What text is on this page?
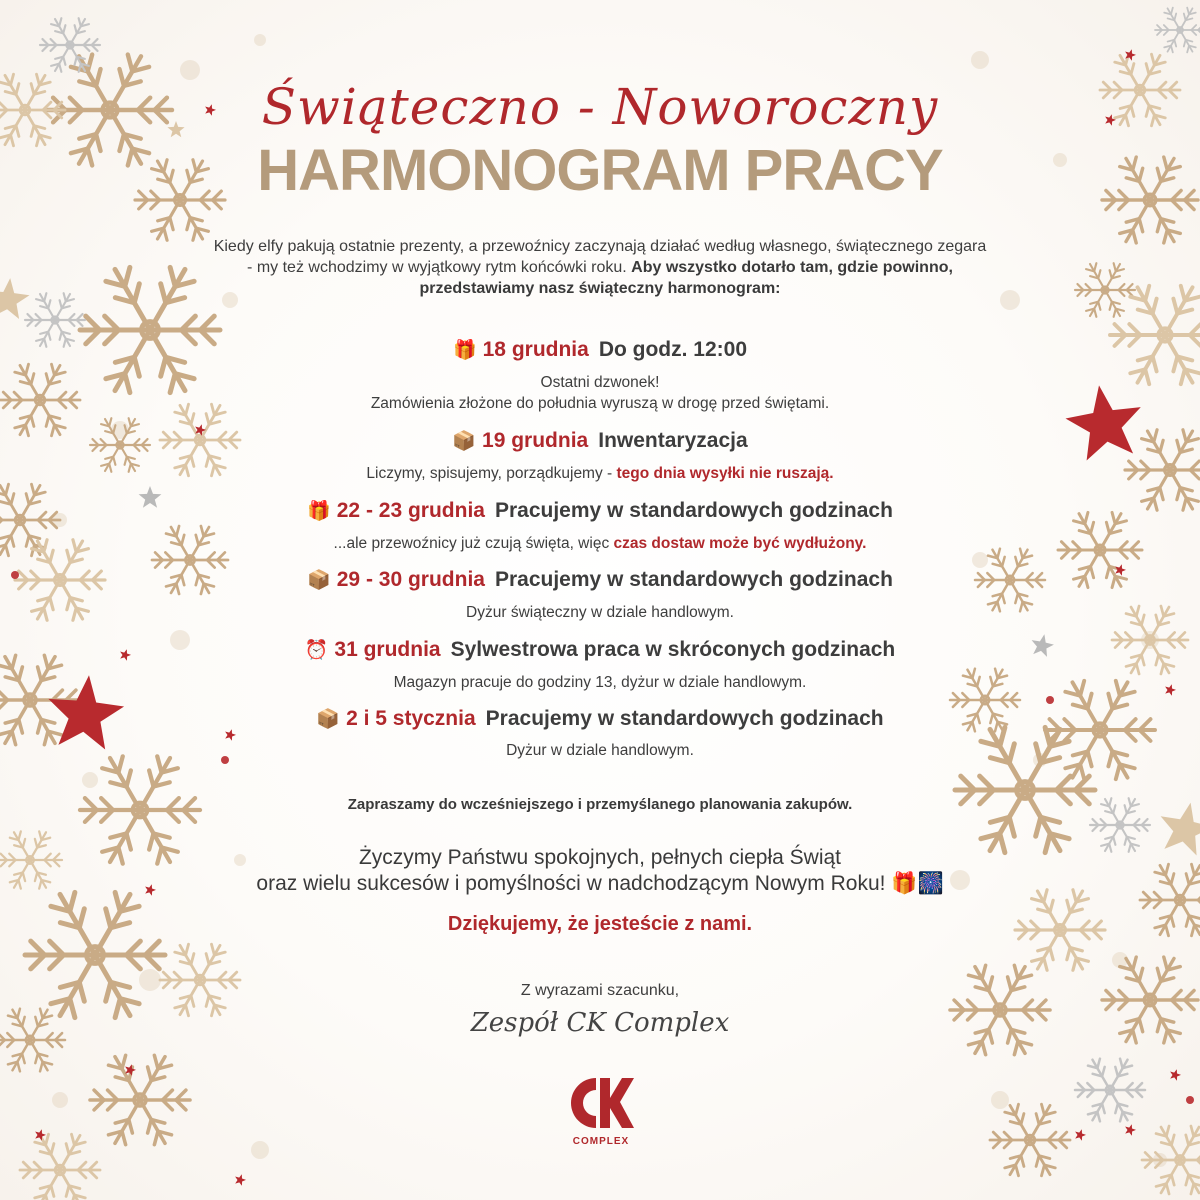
Świąteczno - Noworoczny
HARMONOGRAM PRACY
Kiedy elfy pakują ostatnie prezenty, a przewoźnicy zaczynają działać według własnego, świątecznego zegara - my też wchodzimy w wyjątkowy rytm końcówki roku. Aby wszystko dotarło tam, gdzie powinno, przedstawiamy nasz świąteczny harmonogram:
🎁 18 grudnia Do godz. 12:00
Ostatni dzwonek!
Zamówienia złożone do południa wyruszą w drogę przed świętami.
📦 19 grudnia Inwentaryzacja
Liczymy, spisujemy, porządkujemy - tego dnia wysyłki nie ruszają.
🎁 22 - 23 grudnia Pracujemy w standardowych godzinach
...ale przewoźnicy już czują święta, więc czas dostaw może być wydłużony.
📦 29 - 30 grudnia Pracujemy w standardowych godzinach
Dyżur świąteczny w dziale handlowym.
⏰ 31 grudnia Sylwestrowa praca w skróconych godzinach
Magazyn pracuje do godziny 13, dyżur w dziale handlowym.
📦 2 i 5 stycznia Pracujemy w standardowych godzinach
Dyżur w dziale handlowym.
Zapraszamy do wcześniejszego i przemyślanego planowania zakupów.
Życzymy Państwu spokojnych, pełnych ciepła Świąt
oraz wielu sukcesów i pomyślności w nadchodzącym Nowym Roku! 🎁🎆
Dziękujemy, że jesteście z nami.
Z wyrazami szacunku,
Zespół CK Complex
COMPLEX
